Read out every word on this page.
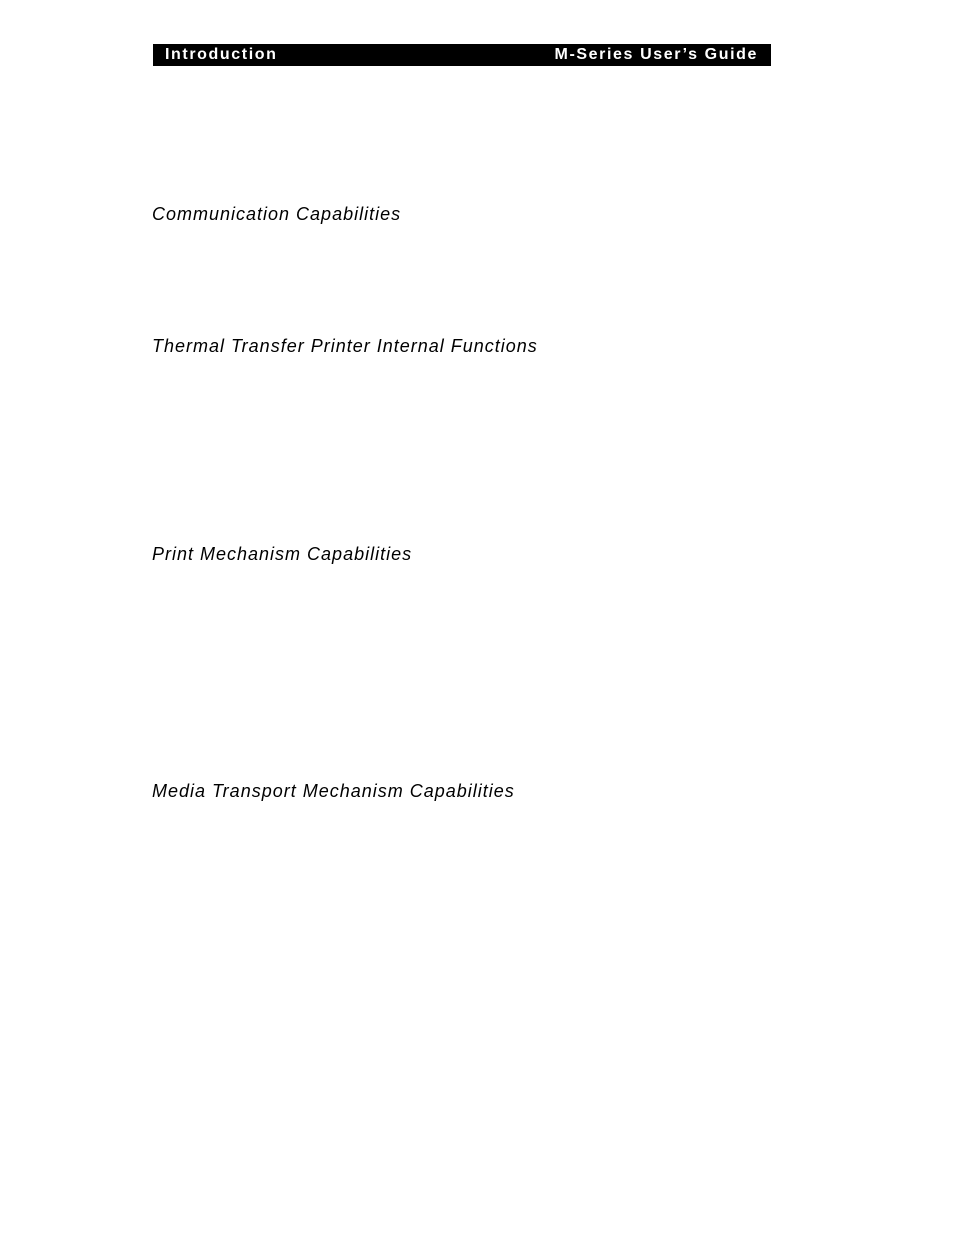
Introduction	M-Series User’s Guide
Communication Capabilities
Thermal Transfer Printer Internal Functions
Print Mechanism Capabilities
Media Transport Mechanism Capabilities
